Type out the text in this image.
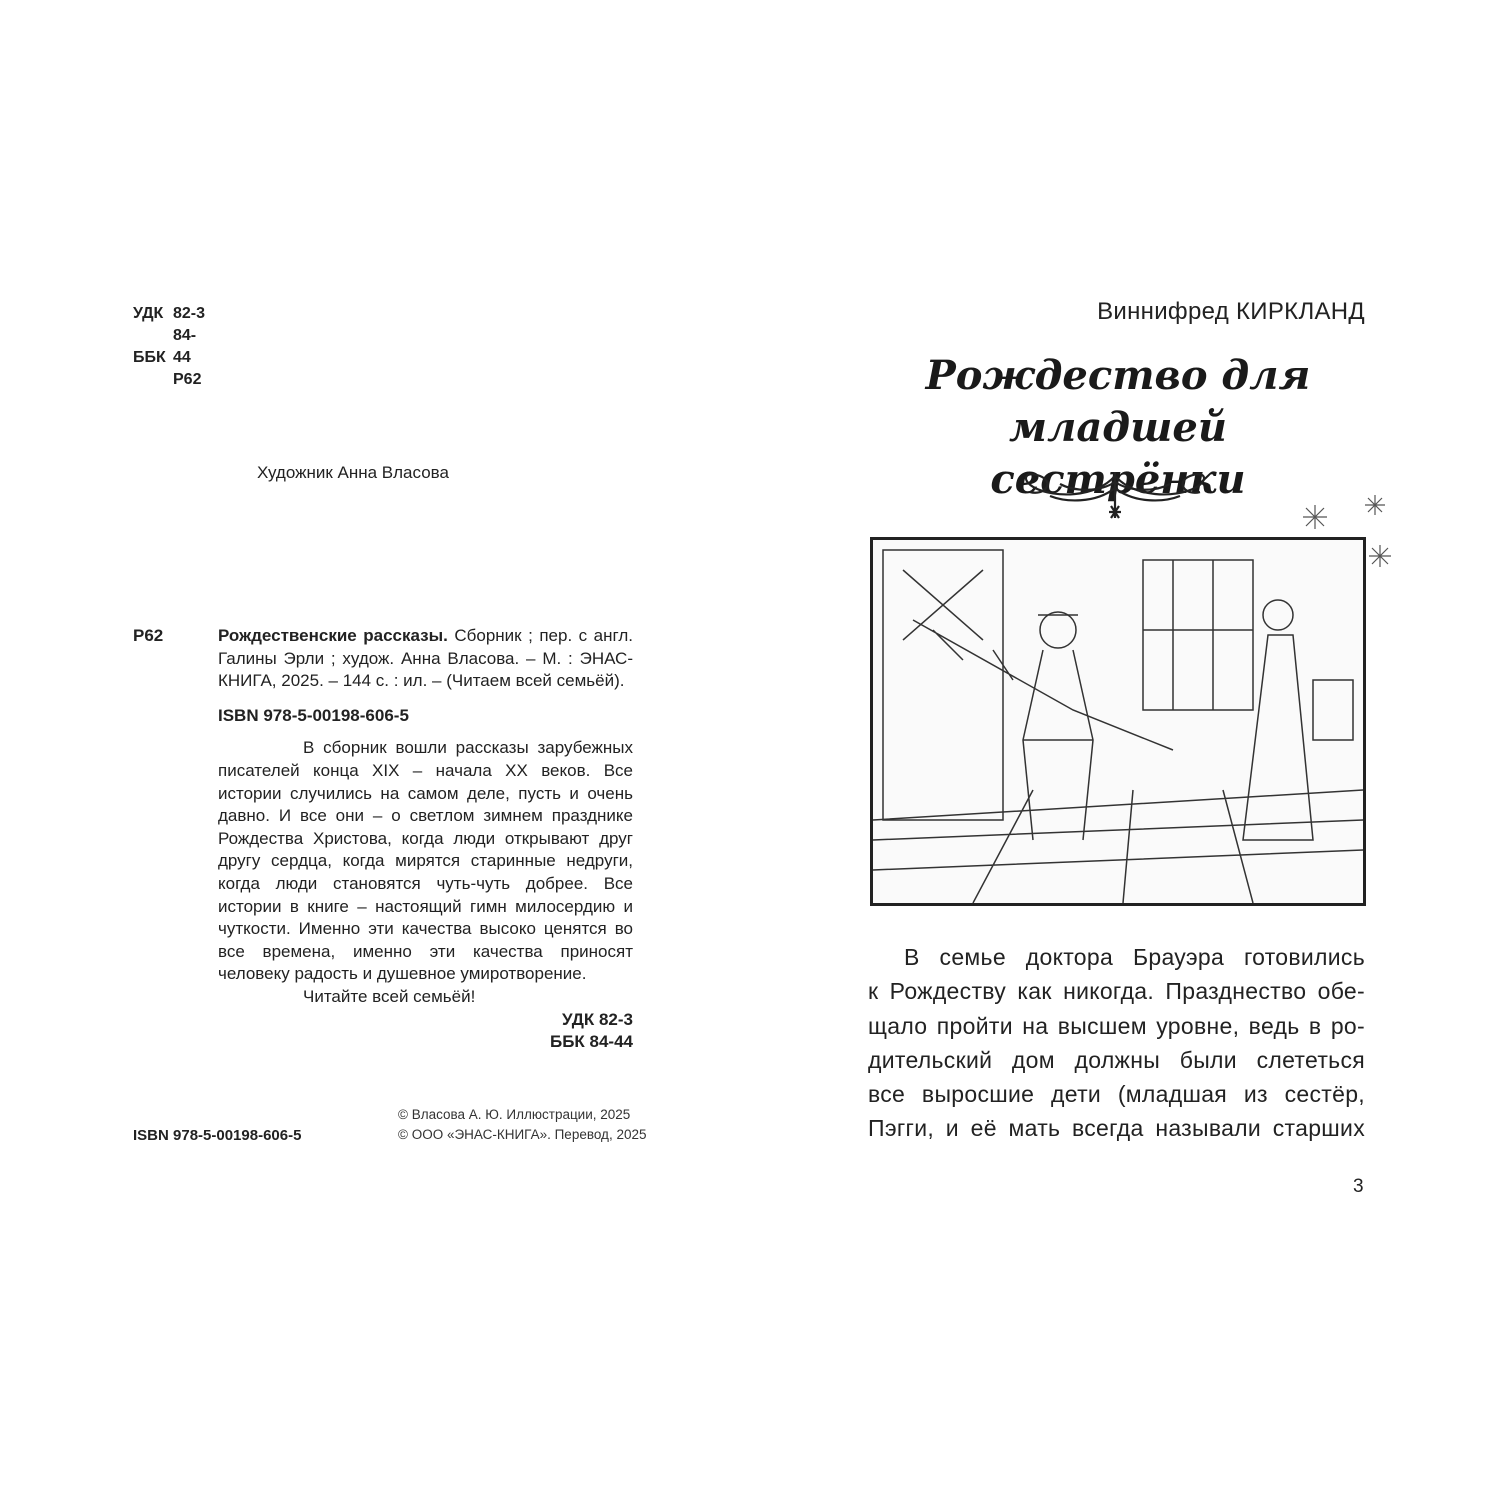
УДК 82-3
ББК84-44
Р62
Художник Анна Власова
Р62	Рождественские рассказы. Сборник ; пер. с англ. Галины Эрли ; худож. Анна Власова. – М. : ЭНАС-КНИГА, 2025. – 144 с. : ил. – (Читаем всей семьёй).

ISBN 978-5-00198-606-5

В сборник вошли рассказы зарубежных писателей конца XIX – начала XX веков. Все истории случились на самом деле, пусть и очень давно. И все они – о светлом зимнем празднике Рождества Христова, когда люди открывают друг другу сердца, когда мирятся старинные недруги, когда люди становятся чуть-чуть добрее. Все истории в книге – настоящий гимн милосердию и чуткости. Именно эти качества высоко ценятся во все времена, именно эти качества приносят человеку радость и душевное умиротворение.

Читайте всей семьёй!

УДК 82-3

ББК 84-44

ISBN 978-5-00198-606-5
© Власова А. Ю. Иллюстрации, 2025
© ООО «ЭНАС-КНИГА». Перевод, 2025
Виннифред КИРКЛАНД
Рождество для младшей
сестрёнки
В семье доктора Брауэра готовились
к Рождеству как никогда. Празднество обе-
щало пройти на высшем уровне, ведь в ро-
дительский дом должны были слететься
все выросшие дети (младшая из сестёр,
Пэгги, и её мать всегда называли старших
3
